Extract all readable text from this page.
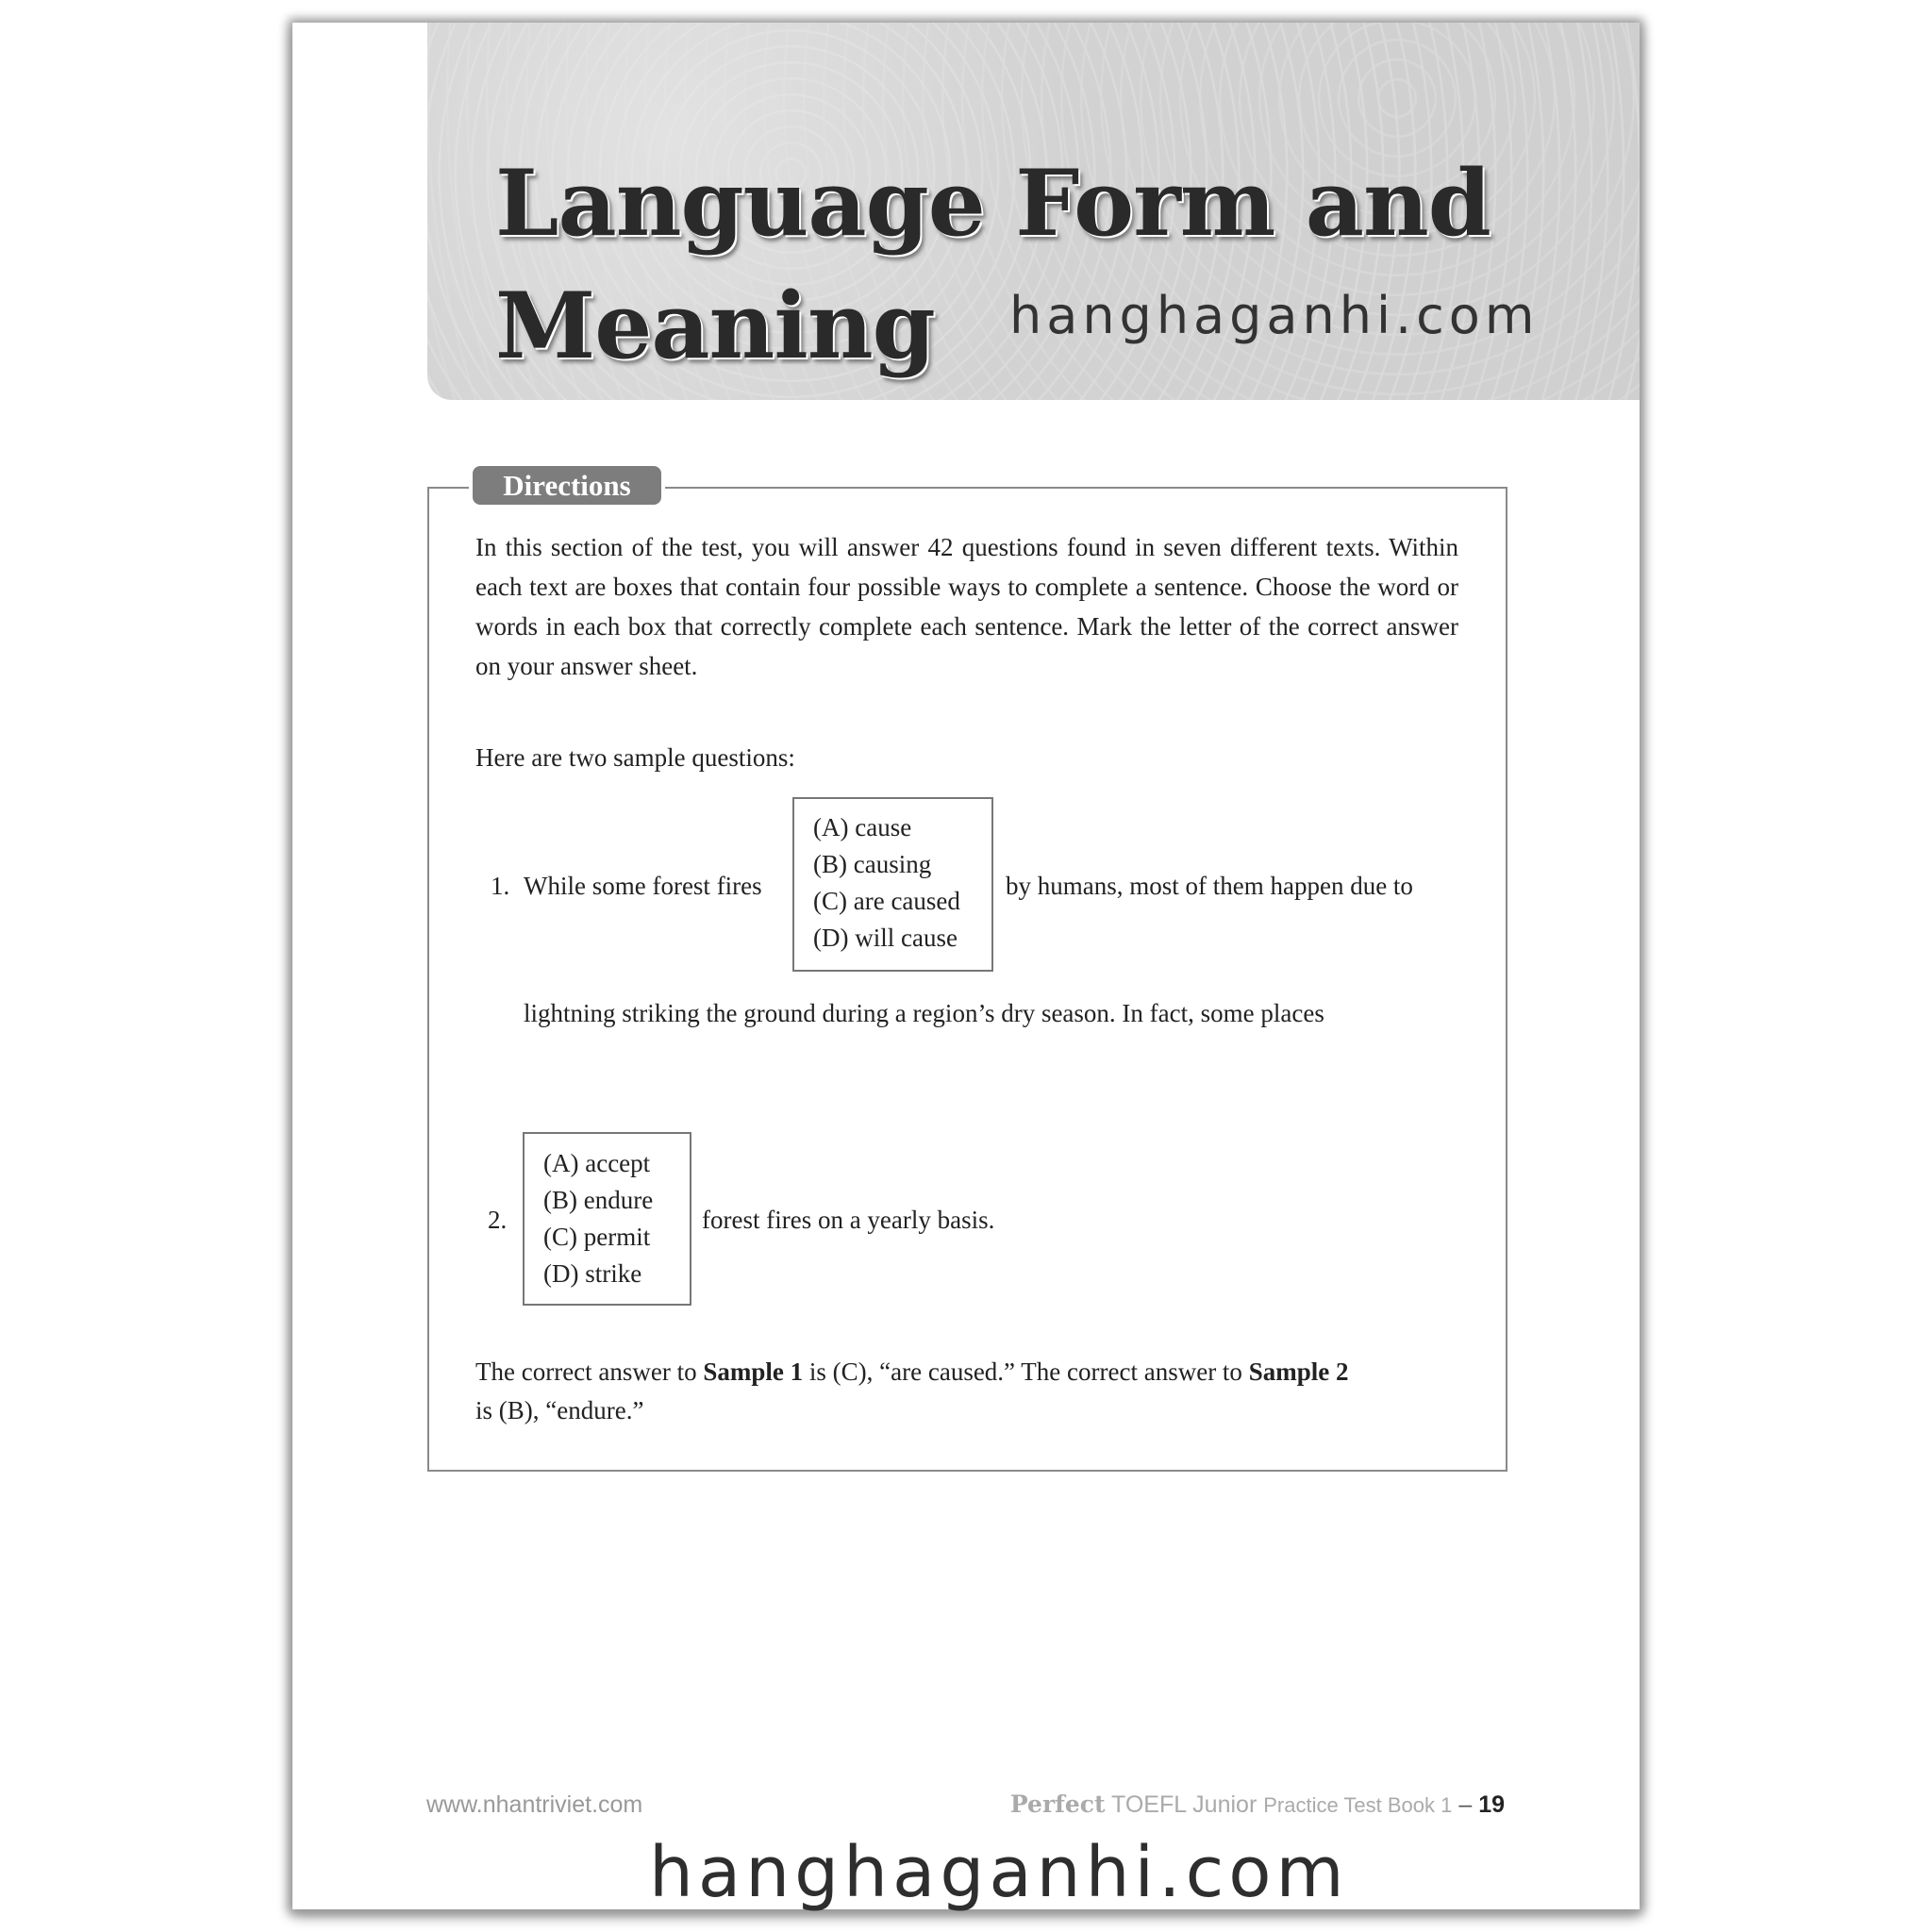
Language Form and
Meaning hanghaganhi.com
Directions

In this section of the test, you will answer 42 questions found in seven different texts. Within each text are boxes that contain four possible ways to complete a sentence. Choose the word or words in each box that correctly complete each sentence. Mark the letter of the correct answer on your answer sheet.

Here are two sample questions:
1. While some forest fires
(A) cause
(B) causing
(C) are caused
(D) will cause
by humans, most of them happen due to
lightning striking the ground during a region’s dry season. In fact, some places
2.
(A) accept
(B) endure
(C) permit
(D) strike
forest fires on a yearly basis.
The correct answer to Sample 1 is (C), “are caused.” The correct answer to Sample 2
is (B), “endure.”
www.nhantriviet.com	Perfect TOEFL Junior Practice Test Book 1 – 19
hanghaganhi.com
